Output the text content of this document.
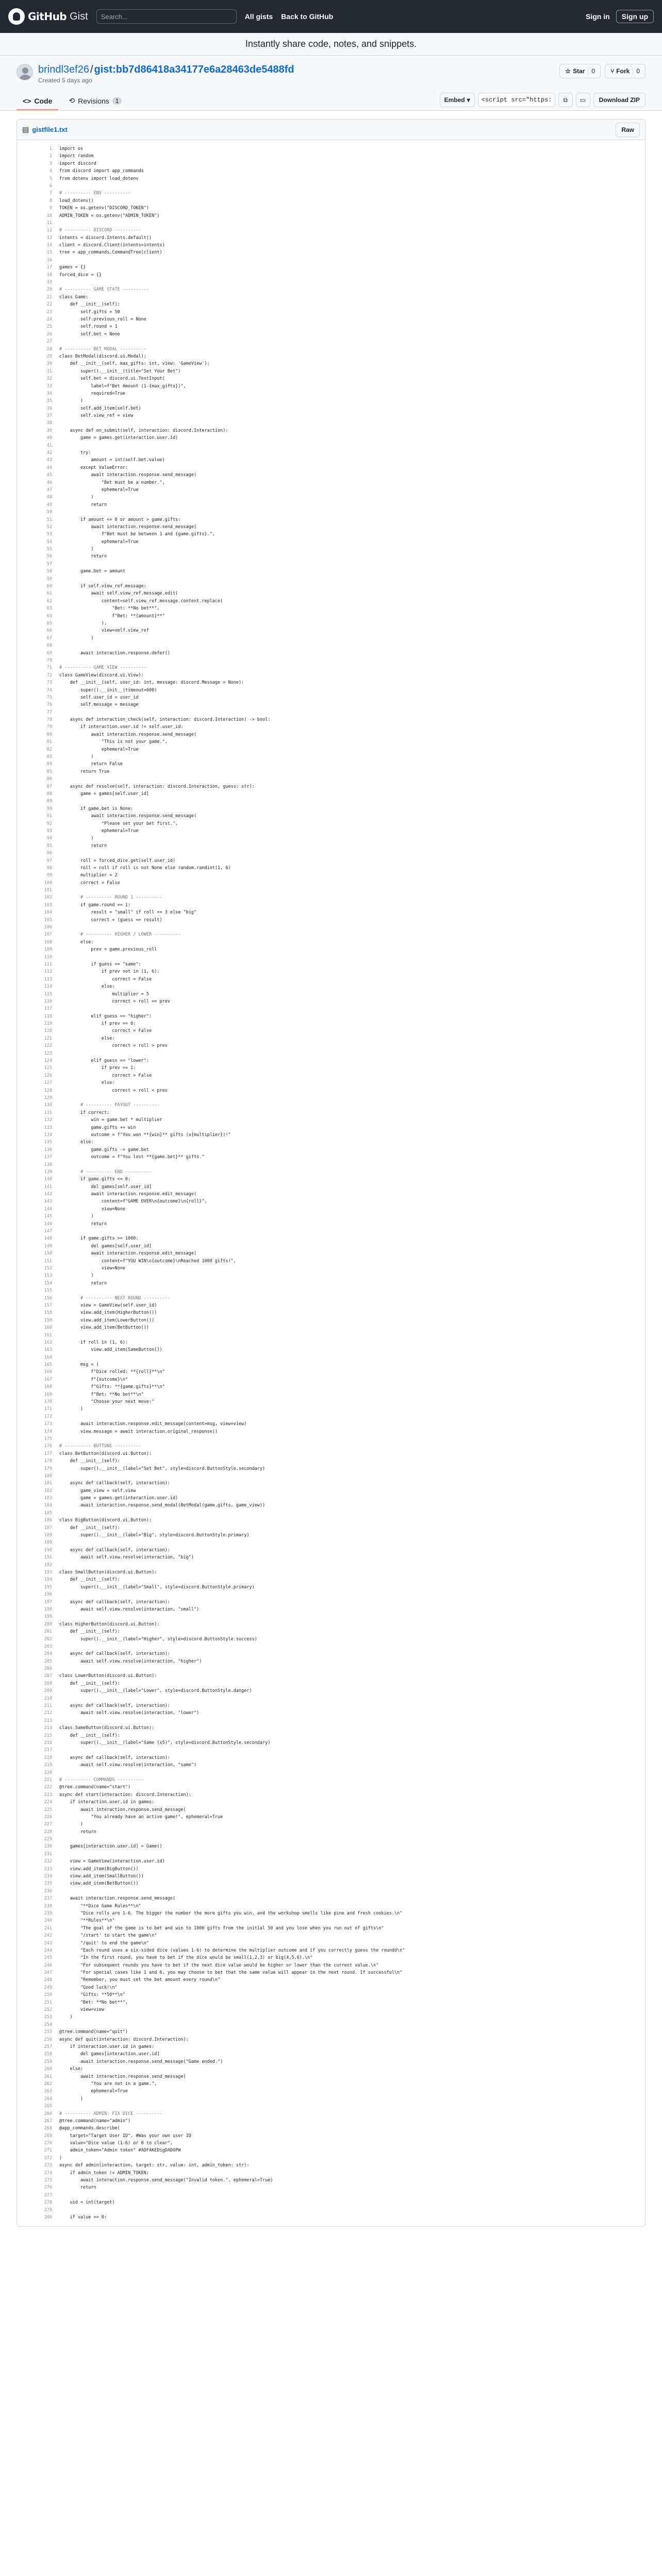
GitHub Gist
Search...	All gists Back to GitHub	Sign in	Sign up
Instantly share code, notes, and snippets.
brindl3ef26 / gist:bb7d86418a34177e6a28463de5488fd
Created 5 days ago
☆ Star	0	⑂ Fork	0
<> Code ⟲ Revisions	1	Embed ▾
<script src="https://...	⧉ ▭	Download ZIP
▤ gistfile1.txt	Raw
1	import os
2	import random
3	import discord
4	from discord import app_commands
5	from dotenv import load_dotenv
6
7	# ---------- ENV ----------
8	load_dotenv()
9	TOKEN = os.getenv("DISCORD_TOKEN")
10	ADMIN_TOKEN = os.getenv("ADMIN_TOKEN")
11
12	# ---------- DISCORD ----------
13	intents = discord.Intents.default()
14	client = discord.Client(intents=intents)
15	tree = app_commands.CommandTree(client)
16
17	games = {}
18	forced_dice = {}
19
20	# ---------- GAME STATE ----------
21	class Game:
22	def __init__(self):
23	self.gifts = 50
24	self.previous_roll = None
25	self.round = 1
26	self.bet = None
27
28	# ---------- BET MODAL ----------
29	class BetModal(discord.ui.Modal):
30	def __init__(self, max_gifts: int, view: 'GameView'):
31	super().__init__(title="Set Your Bet")
32	self.bet = discord.ui.TextInput(
33	label=f"Bet Amount (1-{max_gifts})",
34	required=True
35	)
36	self.add_item(self.bet)
37	self.view_ref = view
38
39	async def on_submit(self, interaction: discord.Interaction):
40	game = games.get(interaction.user.id)
41
42	try:
43	amount = int(self.bet.value)
44	except ValueError:
45	await interaction.response.send_message(
46	"Bet must be a number.",
47	ephemeral=True
48	)
49	return
50
51	if amount <= 0 or amount > game.gifts:
52	await interaction.response.send_message(
53	f"Bet must be between 1 and {game.gifts}.",
54	ephemeral=True
55	)
56	return
57
58	game.bet = amount
59
60	if self.view_ref.message:
61	await self.view_ref.message.edit(
62	content=self.view_ref.message.content.replace(
63	"Bet: **No bet**",
64	f"Bet: **{amount}**"
65	),
66	view=self.view_ref
67	)
68
69	await interaction.response.defer()
70
71	# ---------- GAME VIEW ----------
72	class GameView(discord.ui.View):
73	def __init__(self, user_id: int, message: discord.Message = None):
74	super().__init__(timeout=600)
75	self.user_id = user_id
76	self.message = message
77
78	async def interaction_check(self, interaction: discord.Interaction) -> bool:
79	if interaction.user.id != self.user_id:
80	await interaction.response.send_message(
81	"This is not your game.",
82	ephemeral=True
83	)
84	return False
85	return True
86
87	async def resolve(self, interaction: discord.Interaction, guess: str):
88	game = games[self.user_id]
89
90	if game.bet is None:
91	await interaction.response.send_message(
92	"Please set your bet first.",
93	ephemeral=True
94	)
95	return
96
97	roll = forced_dice.get(self.user_id)
98	roll = roll if roll is not None else random.randint(1, 6)
99	multiplier = 2
100	correct = False
101
102	# ---------- ROUND 1 ----------
103	if game.round == 1:
104	result = "small" if roll <= 3 else "big"
105	correct = (guess == result)
106
107	# ---------- HIGHER / LOWER ----------
108	else:
109	prev = game.previous_roll
110
111	if guess == "same":
112	if prev not in (1, 6):
113	correct = False
114	else:
115	multiplier = 5
116	correct = roll == prev
117
118	elif guess == "higher":
119	if prev == 6:
120	correct = False
121	else:
122	correct = roll > prev
123
124	elif guess == "lower":
125	if prev == 1:
126	correct = False
127	else:
128	correct = roll < prev
129
130	# ---------- PAYOUT ----------
131	if correct:
132	win = game.bet * multiplier
133	game.gifts += win
134	outcome = f"You won **{win}** gifts (x{multiplier})!"
135	else:
136	game.gifts -= game.bet
137	outcome = f"You lost **{game.bet}** gifts."
138
139	# ---------- END ----------
140	if game.gifts <= 0:
141	del games[self.user_id]
142	await interaction.response.edit_message(
143	content=f"GAME OVER\n{outcome}\n{roll}",
144	view=None
145	)
146	return
147
148	if game.gifts >= 1000:
149	del games[self.user_id]
150	await interaction.response.edit_message(
151	content=f"YOU WIN\n{outcome}\nReached 1000 gifts!",
152	view=None
153	)
154	return
155
156	# ---------- NEXT ROUND ----------
157	view = GameView(self.user_id)
158	view.add_item(HigherButton())
159	view.add_item(LowerButton())
160	view.add_item(BetButton())
161
162	if roll in (1, 6):
163	view.add_item(SameButton())
164
165	msg = (
166	f"Dice rolled: **{roll}**\n"
167	f"{outcome}\n"
168	f"Gifts: **{game.gifts}**\n"
169	f"Bet: **No bet**\n"
170	"Choose your next move:"
171	)
172
173	await interaction.response.edit_message(content=msg, view=view)
174	view.message = await interaction.original_response()
175
176	# ---------- BUTTONS ----------
177	class BetButton(discord.ui.Button):
178	def __init__(self):
179	super().__init__(label="Set Bet", style=discord.ButtonStyle.secondary)
180
181	async def callback(self, interaction):
182	game_view = self.view
183	game = games.get(interaction.user.id)
184	await interaction.response.send_modal(BetModal(game.gifts, game_view))
185
186	class BigButton(discord.ui.Button):
187	def __init__(self):
188	super().__init__(label="Big", style=discord.ButtonStyle.primary)
189
190	async def callback(self, interaction):
191	await self.view.resolve(interaction, "big")
192
193	class SmallButton(discord.ui.Button):
194	def __init__(self):
195	super().__init__(label="Small", style=discord.ButtonStyle.primary)
196
197	async def callback(self, interaction):
198	await self.view.resolve(interaction, "small")
199
200	class HigherButton(discord.ui.Button):
201	def __init__(self):
202	super().__init__(label="Higher", style=discord.ButtonStyle.success)
203
204	async def callback(self, interaction):
205	await self.view.resolve(interaction, "higher")
206
207	class LowerButton(discord.ui.Button):
208	def __init__(self):
209	super().__init__(label="Lower", style=discord.ButtonStyle.danger)
210
211	async def callback(self, interaction):
212	await self.view.resolve(interaction, "lower")
213
214	class SameButton(discord.ui.Button):
215	def __init__(self):
216	super().__init__(label="Same (x5)", style=discord.ButtonStyle.secondary)
217
218	async def callback(self, interaction):
219	await self.view.resolve(interaction, "same")
220
221	# ---------- COMMANDS ----------
222	@tree.command(name="start")
223	async def start(interaction: discord.Interaction):
224	if interaction.user.id in games:
225	await interaction.response.send_message(
226	"You already have an active game!", ephemeral=True
227	)
228	return
229
230	games[interaction.user.id] = Game()
231
232	view = GameView(interaction.user.id)
233	view.add_item(BigButton())
234	view.add_item(SmallButton())
235	view.add_item(BetButton())
236
237	await interaction.response.send_message(
238	"**Dice Game Rules**\n"
239	"Dice rolls are 1-6. The bigger the number the more gifts you win, and the workshop smells like pine and fresh cookies.\n"
240	"**Rules**\n"
241	"The goal of the game is to bet and win to 1000 gifts from the initial 50 and you lose when you run out of gifts\n"
242	"/start' to start the game\n"
243	"/quit' to end the game\n"
244	"Each round uses a six-sided dice (values 1-6) to determine the multiplier outcome and if you correctly guess the roundd\n"
245	"In the first round, you have to bet if the dice would be small(1,2,3) or big(4,5,6).\n"
246	"For subsequent rounds you have to bet if the next dice value would be higher or lower than the current value.\n"
247	"For special cases like 1 and 6, you may choose to bet that the same value will appear in the next round. If successful\n"
248	"Remember, you must set the bet amount every round\n"
249	"Good luck!\n"
250	"Gifts: **50**\n"
251	"Bet: **No bet**",
252	view=view
253	)
254
255	@tree.command(name="quit")
256	async def quit(interaction: discord.Interaction):
257	if interaction.user.id in games:
258	del games[interaction.user.id]
259	await interaction.response.send_message("Game ended.")
260	else:
261	await interaction.response.send_message(
262	"You are not in a game.",
263	ephemeral=True
264	)
265
266	# ---------- ADMIN: FIX DICE ----------
267	@tree.command(name="admin")
268	@app_commands.describe(
269	target="Target User ID", #Was your own user ID
270	value="Dice value (1-6) or 0 to clear",
271	admin_token="Admin token" #ADFAKEDigDADOPW
272	)
273	async def admin(interaction, target: str, value: int, admin_token: str):
274	if admin_token != ADMIN_TOKEN:
275	await interaction.response.send_message("Invalid token.", ephemeral=True)
276	return
277
278	uid = int(target)
279
280	if value == 0:
